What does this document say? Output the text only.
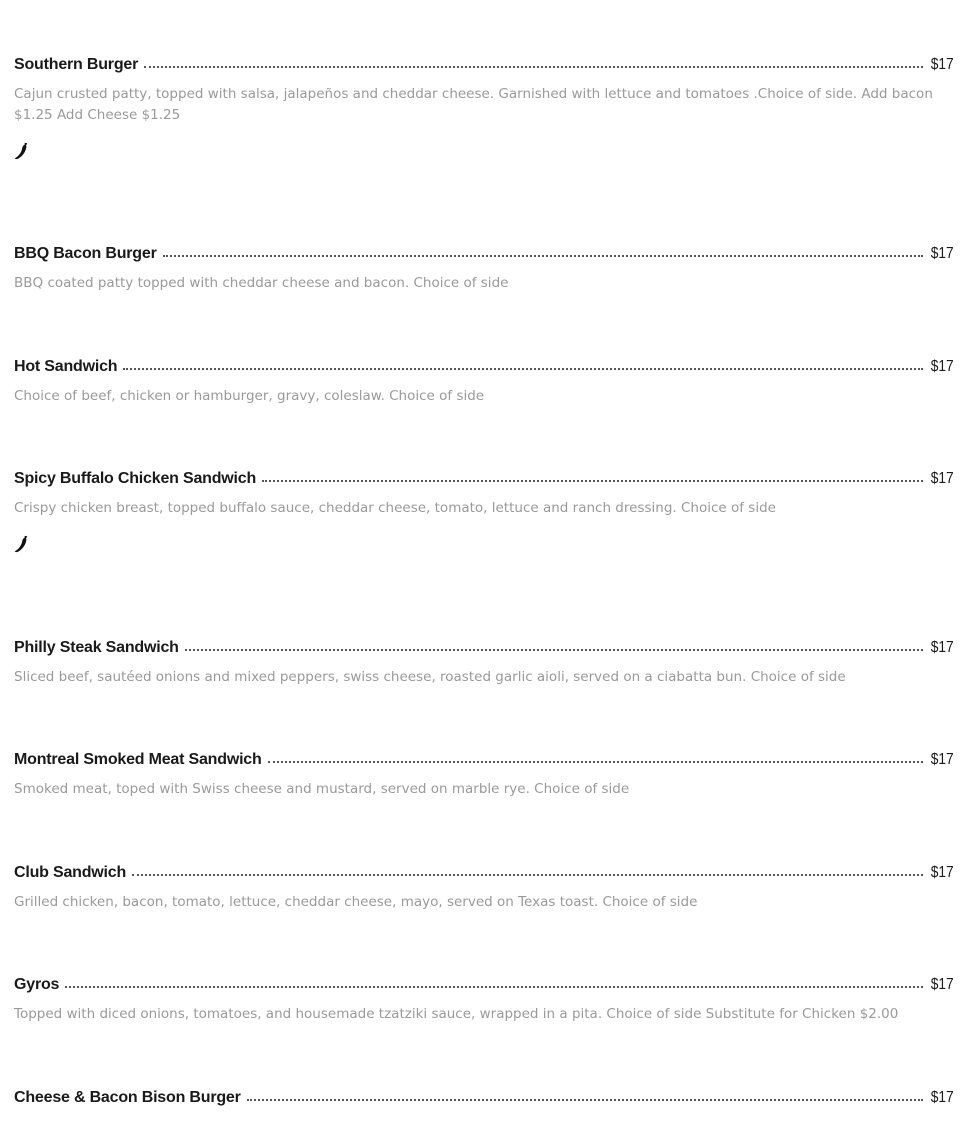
Southern Burger	$17
Cajun crusted patty, topped with salsa, jalapeños and cheddar cheese. Garnished with lettuce and tomatoes .Choice of side. Add bacon $1.25 Add Cheese $1.25
BBQ Bacon Burger	$17
BBQ coated patty topped with cheddar cheese and bacon. Choice of side
Hot Sandwich	$17
Choice of beef, chicken or hamburger, gravy, coleslaw. Choice of side
Spicy Buffalo Chicken Sandwich	$17
Crispy chicken breast, topped buffalo sauce, cheddar cheese, tomato, lettuce and ranch dressing. Choice of side
Philly Steak Sandwich	$17
Sliced beef, sautéed onions and mixed peppers, swiss cheese, roasted garlic aioli, served on a ciabatta bun. Choice of side
Montreal Smoked Meat Sandwich	$17
Smoked meat, toped with Swiss cheese and mustard, served on marble rye. Choice of side
Club Sandwich	$17
Grilled chicken, bacon, tomato, lettuce, cheddar cheese, mayo, served on Texas toast. Choice of side
Gyros	$17
Topped with diced onions, tomatoes, and housemade tzatziki sauce, wrapped in a pita. Choice of side Substitute for Chicken $2.00
Cheese & Bacon Bison Burger	$17
